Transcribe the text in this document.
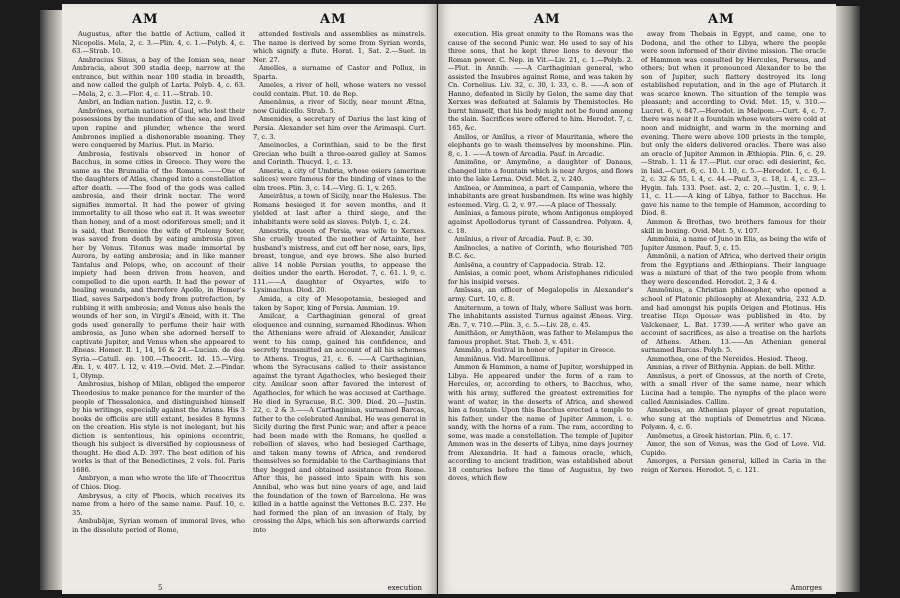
AM	AM

Augustus, after the battle of Actium, called it Nicopolis. Mela, 2, c. 3.—Plin. 4, c. 1.—Polyb. 4, c. 63.—Strab. 10.

Ambracius Sinus, a bay of the Ionian sea, near Ambracia, about 300 stadia deep, narrow at the entrance, but within near 100 stadia in breadth, and now called the gulph of Larta. Polyb. 4, c. 63.—Mela, 2, c. 3.—Flor. 4, c. 11.—Strab. 10.

Ambri, an Indian nation. Justin. 12, c. 9.

Ambrōnes, certain nations of Gaul, who lost their possessions by the inundation of the sea, and lived upon rapine and plunder, whence the word Ambrones implied a dishonorable meaning. They were conquered by Marius. Plut. in Mario.

Ambrosia, festivals observed in honor of Bacchus, in some cities in Greece. They were the same as the Brumalia of the Romans. ——One of the daughters of Atlas, changed into a constellation after death. ——The food of the gods was called ambrosia, and their drink nectar. The word signifies immortal. It had the power of giving immortality to all those who eat it. It was sweeter than honey, and of a most odoriferous smell; and it is said, that Berenice the wife of Ptolemy Soter, was saved from death by eating ambrosia given her by Venus. Titonus was made immortal by Aurora, by eating ambrosia; and in like manner Tantalus and Pelops, who, on account of their impiety had been driven from heaven, and compelled to die upon earth. It had the power of healing wounds, and therefore Apollo, in Homer's Iliad, saves Sarpedon's body from putrefaction, by rubbing it with ambrosia; and Venus also heals the wounds of her son, in Virgil's Æneid, with it. The gods used generally to perfume their hair with ambrosia, as Juno when she adorned herself to captivate Jupiter, and Venus when she appeared to Æneas. Homer. Il. 1, 14, 16 & 24.—Lucian. de dea Syria.—Catull. ep. 100.—Theocrit. Id. 15.—Virg. Æn. 1, v. 407. l. 12, v. 419.—Ovid. Met. 2.—Pindar. 1, Olymp.

Ambrosius, bishop of Milan, obliged the emperor Theodosius to make penance for the murder of the people of Thessalonica, and distinguished himself by his writings, especially against the Arians. His 3 books de officiis are still extant, besides 8 hymns on the creation. His style is not inelegant, but his diction is sententious, his opinions eccentric, though his subject is diversified by copiousness of thought. He died A.D. 397. The best edition of his works is that of the Benedictines, 2 vols. fol. Paris 1686.

Ambryon, a man who wrote the life of Theocritus of Chios. Diog.

Ambrysus, a city of Phocis, which receives its name from a hero of the same name. Pauf. 10, c. 35.

Ambubājæ, Syrian women of immoral lives, who in the dissolute period of Rome,

attended festivals and assemblies as minstrels. The name is derived by some from Syrian words, which signify a flute. Horat. 1, Sat. 2.—Suet. in Ner. 27.

Amelles, a surname of Castor and Pollux, in Sparta.

Ameles, a river of hell, whose waters no vessel could contain. Plut. 10. de Rep.

Amenānus, a river of Sicily, near mount Ætna, now Guidicello. Strab. 5.

Amenides, a secretary of Darius the last king of Persia. Alexander set him over the Arimaspi. Curt. 7, c. 3.

Ameinocles, a Corinthian, said to be the first Grecian who built a three-oared galley at Samos and Corinth. Thucyd. 1, c. 13.

Ameria, a city of Umbria, whose osiers (amerinæ salices) were famous for the binding of vines to the elm trees. Plin. 3, c. 14.—Virg. G. 1, v. 265.

Ameirātus, a town of Sicily, near the Halesus. The Romans besieged it for seven months, and it yielded at last after a third siege, and the inhabitants were sold as slaves. Polyb. 1, c. 24.

Amestris, queen of Persia, was wife to Xerxes. She cruelly treated the mother of Artainte, her husband's mistress, and cut off her nose, ears, lips, breast, tongue, and eye brows. She also buried alive 14 noble Persian youths, to appease the deities under the earth. Herodot. 7, c. 61. l. 9, c. 111.——A daughter of Oxyartes, wife to Lysimachus. Diod. 20.

Amida, a city of Mesopotamia, besieged and taken by Sapor, king of Persia. Ammian. 19.

Amilcar, a Carthaginian general of great eloquence and cunning, surnamed Rhodinus. When the Athenians were afraid of Alexander, Amilcar went to his camp, gained his confidence, and secretly transmitted an account of all his schemes to Athens. Trogus, 21, c. 6. ——A Carthaginian, whom the Syracusans called to their assistance against the tyrant Agathocles, who besieged their city. Amilcar soon after favored the interest of Agathocles, for which he was accused at Carthage. He died in Syracuse, B.C. 309. Diod. 20.—Justin. 22, c. 2 & 3.——A Carthaginian, surnamed Barcas, father to the celebrated Annibal. He was general in Sicily during the first Punic war; and after a peace had been made with the Romans, he quelled a rebellion of slaves, who had besieged Carthage, and taken many towns of Africa, and rendered themselves so formidable to the Carthaginians that they begged and obtained assistance from Rome. After this, he passed into Spain with his son Annibal, who was but nine years of age, and laid the foundation of the town of Barcelona. He was killed in a battle against the Vettones B.C. 237. He had formed the plan of an invasion of Italy, by crossing the Alps, which his son afterwards carried into

5	execution
AM	AM

execution. His great enmity to the Romans was the cause of the second Punic war. He used to say of his three sons, that he kept three lions to devour the Roman power. C. Nep. in Vit.—Liv. 21, c. 1.—Polyb. 2.—Plut. in Annib. ——A Carthaginian general, who assisted the Insubres against Rome, and was taken by Cn. Cornelius. Liv. 32, c. 30, l. 33, c. 8. ——A son of Hanno, defeated in Sicily by Gelon, the same day that Xerxes was defeated at Salamis by Themistocles. He burnt himself, that his body might not be found among the slain. Sacrifices were offered to him. Herodot. 7, c. 165, &c.

Amīlos, or Amīlus, a river of Mauritania, where the elephants go to wash themselves by moonshine. Plin. 8, c. 1. ——A town of Arcadia. Pauf. in Arcadic.

Amimōne, or Amymōne, a daughter of Danaus, changed into a fountain which is near Argos, and flows into the lake Lerna. Ovid. Met. 2, v. 240.

Amīnea, or Amminea, a part of Campania, where the inhabitants are great husbandmen. Its wine was highly esteemed. Virg. G. 2, v. 97.——A place of Thessaly.

Amīnias, a famous pirate, whom Antigonus employed against Apollodorus tyrant of Cassandrea. Polyæn. 4, c. 18.

Amīnius, a river of Arcadia. Pauf. 8, c. 30.

Amīnocles, a native of Corinth, who flourished 705 B.C. &c.

Amīsēna, a country of Cappadocia. Strab. 12.

Amīsias, a comic poet, whom Aristophanes ridiculed for his insipid verses.

Amīssas, an officer of Megalopolis in Alexander's army. Curt. 10, c. 8.

Amiternum, a town of Italy, where Sallust was born. The inhabitants assisted Turnus against Æneas. Virg. Æn. 7, v. 710.—Plin. 3, c. 5.—Liv. 28, c. 45.

Amithāon, or Amythāon, was father to Melampus the famous prophet. Stat. Theb. 3, v. 451.

Ammālo, a festival in honor of Jupiter in Greece.

Ammiānus. Vid. Marcellinus.

Ammon & Hammon, a name of Jupiter, worshipped in Libya. He appeared under the form of a ram to Hercules, or, according to others, to Bacchus, who, with his army, suffered the greatest extremities for want of water, in the deserts of Africa, and shewed him a fountain. Upon this Bacchus erected a temple to his father, under the name of Jupiter Ammon, i. e. sandy, with the horns of a ram. The ram, according to some, was made a constellation. The temple of Jupiter Ammon was in the deserts of Libya, nine days journey from Alexandria. It had a famous oracle, which, according to ancient tradition, was established about 18 centuries before the time of Augustus, by two doves, which flew

away from Thebais in Egypt, and came, one to Dodona, and the other to Libya, where the people were soon informed of their divine mission. The oracle of Hammon was consulted by Hercules, Perseus, and others; but when it pronounced Alexander to be the son of Jupiter, such flattery destroyed its long established reputation, and in the age of Plutarch it was scarce known. The situation of the temple was pleasant; and according to Ovid. Met. 15, v. 310.—Lucret. 6, v. 847.—Herodot. in Melpom.—Curt. 4, c. 7. there was near it a fountain whose waters were cold at noon and midnight, and warm in the morning and evening. There were above 100 priests in the temple, but only the elders delivered oracles. There was also an oracle of Jupiter Ammon in Æthiopia. Plin. 6, c. 29.—Strab. 1. 11 & 17.—Plut. cur orac. edi desierint, &c. in Isid.—Curt. 6, c. 10. l. 10, c. 5.—Herodot. 1, c. 6, l. 2, c. 32 & 55, l. 4, c. 44.—Pauf. 3, c. 18, l. 4, c. 23.—Hygin. fab. 133. Poet. ast. 2, c. 20.—Justin. 1, c. 9, l. 11, c. 11.——A king of Libya, father to Bacchus. He gave his name to the temple of Hammon, according to Diod. 8.

Ammon & Brothas, two brothers famous for their skill in boxing. Ovid. Met. 5, v. 107.

Ammōnia, a name of Juno in Elis, as being the wife of Jupiter Ammon. Pauf. 5, c. 15.

Ammōnii, a nation of Africa, who derived their origin from the Egyptians and Æthiopians. Their language was a mixture of that of the two people from whom they were descended. Herodot. 2, 3 & 4.

Ammōnius, a Christian philosopher, who opened a school of Platonic philosophy at Alexandria, 232 A.D. and had amongst his pupils Origen and Plotinus. His treatise Περι Ομοιων was published in 4to. by Valckenaer, L. Bat. 1739.——A writer who gave an account of sacrifices, as also a treatise on the harlots of Athens. Athen. 13.——An Athenian general surnamed Barcas. Polyb. 5.

Ammothea, one of the Nereides. Hesiod. Theog.

Amnias, a river of Bithynia. Appian. de bell. Mithr.

Amnīsus, a port of Gnossus, at the north of Crete, with a small river of the same name, near which Lucina had a temple. The nymphs of the place were called Amnisiades. Callim.

Amœbeus, an Athenian player of great reputation, who sung at the nuptials of Demetrius and Nicæa. Polyæn. 4, c. 6.

Amōmetus, a Greek historian. Plin. 6, c. 17.

Amor, the son of Venus, was the God of Love. Vid. Cupido.

Amorges, a Persian general, killed in Caria in the reign of Xerxes. Herodot. 5, c. 121.

Amorges
